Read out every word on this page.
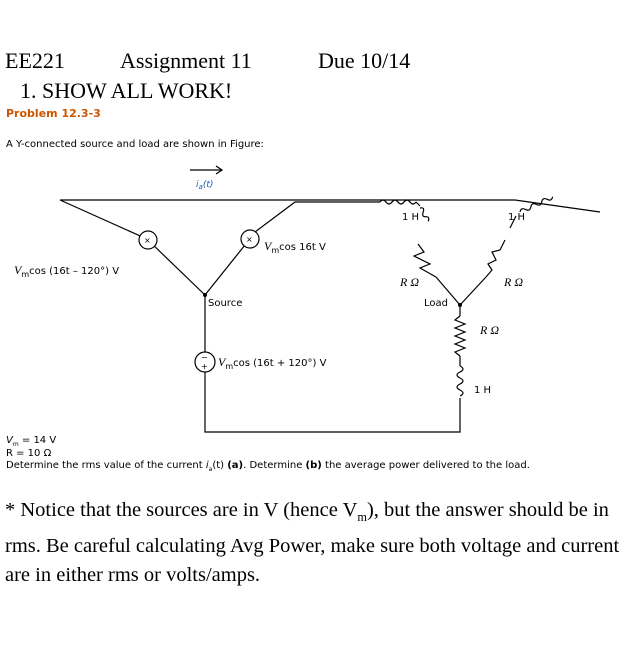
EE221	Assignment 11	Due 10/14
1. SHOW ALL WORK!
Problem 12.3-3
A Y-connected source and load are shown in Figure:
×	×
−
+
$i_a(t)$
$V_m\cos$ (16t – 120°) V
$V_m\cos$ 16t V
$V_m\cos$ (16t + 120°) V
Source	Load
1 H	1 H
1 H
R Ω	R Ω
R Ω
$V_m = 14$ V
R = 10 Ω
Determine the rms value of the current $i_a(t)$ (a). Determine (b) the average power delivered to the load.
* Notice that the sources are in V (hence $V_m$), but the answer should be in rms. Be careful calculating Avg Power, make sure both voltage and current are in either rms or volts/amps.
